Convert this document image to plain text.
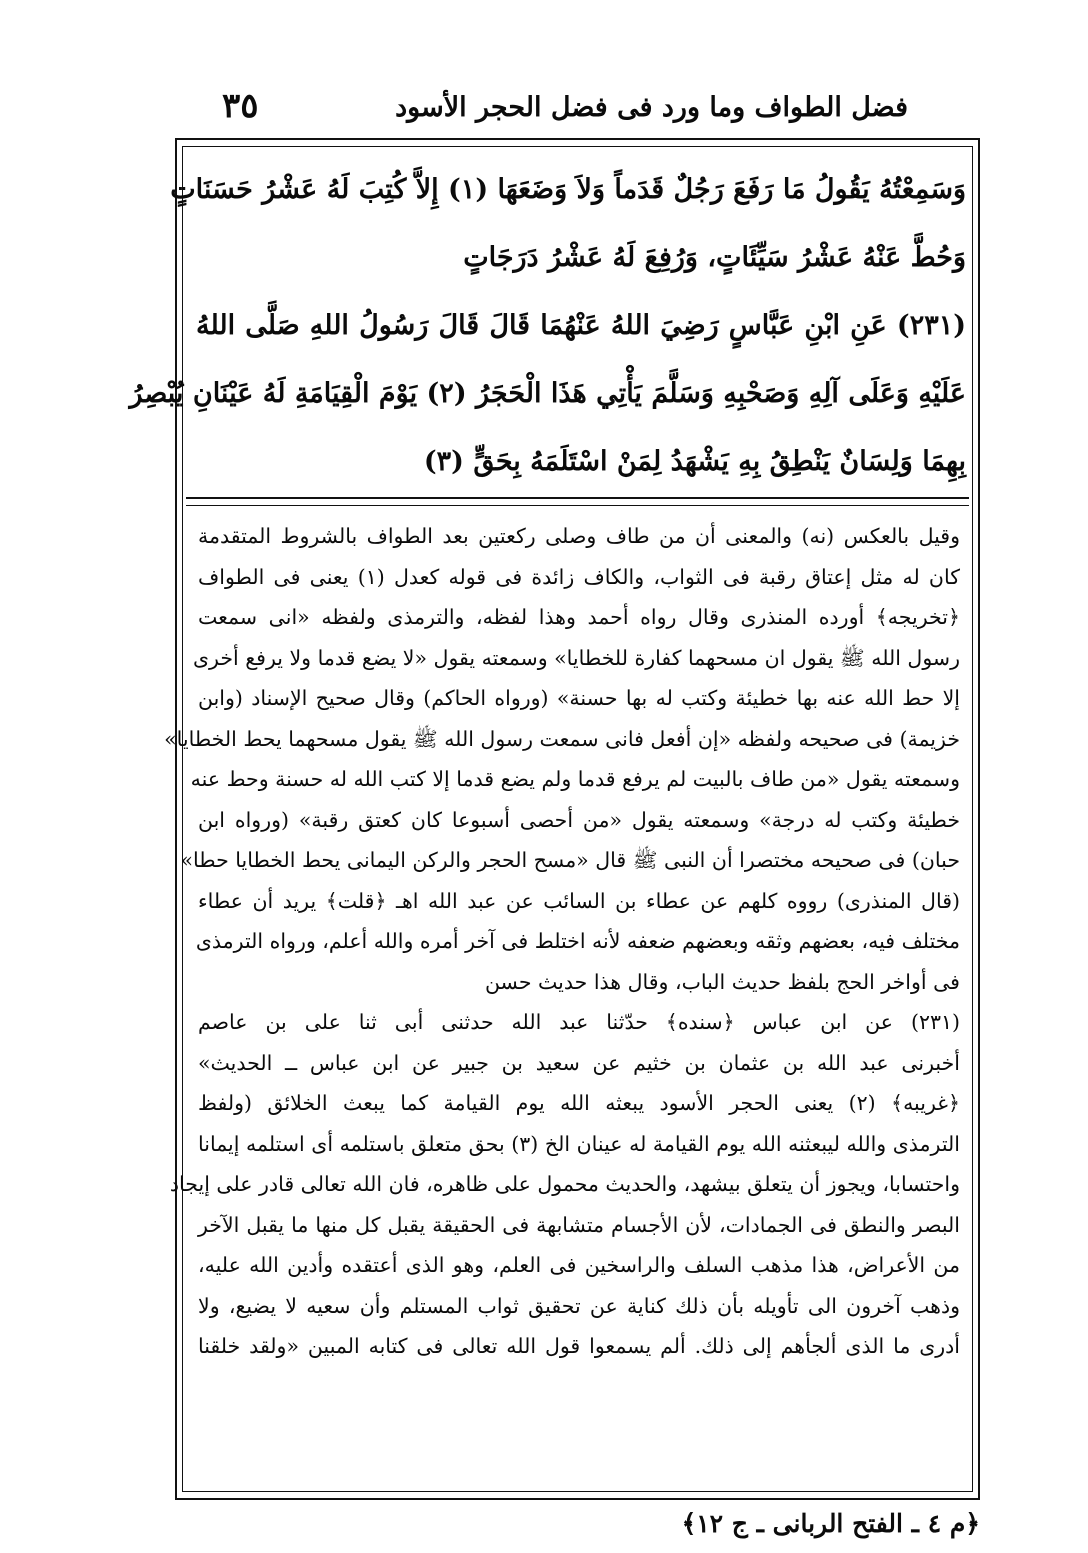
٣٥	فضل الطواف وما ورد فى فضل الحجر الأسود
وَسَمِعْتُهُ يَقُولُ مَا رَفَعَ رَجُلٌ قَدَماً وَلاَ وَضَعَهَا (١) إِلاَّ كُتِبَ لَهُ عَشْرُ حَسَنَاتٍ
وَحُطَّ عَنْهُ عَشْرُ سَيِّئَاتٍ، وَرُفِعَ لَهُ عَشْرُ دَرَجَاتٍ
(٢٣١) عَنِ ابْنِ عَبَّاسٍ رَضِيَ اللهُ عَنْهُمَا قَالَ قَالَ رَسُولُ اللهِ صَلَّى اللهُ
عَلَيْهِ وَعَلَى آلِهِ وَصَحْبِهِ وَسَلَّمَ يَأْتِي هَذَا الْحَجَرُ (٢) يَوْمَ الْقِيَامَةِ لَهُ عَيْنَانِ يُبْصِرُ
بِهِمَا وَلِسَانٌ يَنْطِقُ بِهِ يَشْهَدُ لِمَنْ اسْتَلَمَهُ بِحَقٍّ (٣)
وقيل بالعكس (نه) والمعنى أن من طاف وصلى ركعتين بعد الطواف بالشروط المتقدمة
كان له مثل إعتاق رقبة فى الثواب، والكاف زائدة فى قوله كعدل (١) يعنى فى الطواف
﴿تخريجه﴾ أورده المنذرى وقال رواه أحمد وهذا لفظه، والترمذى ولفظه «انى سمعت
رسول الله ﷺ يقول ان مسحهما كفارة للخطايا» وسمعته يقول «لا يضع قدما ولا يرفع أخرى
إلا حط الله عنه بها خطيئة وكتب له بها حسنة» (ورواه الحاكم) وقال صحيح الإسناد (وابن
خزيمة) فى صحيحه ولفظه «إن أفعل فانى سمعت رسول الله ﷺ يقول مسحهما يحط الخطايا»
وسمعته يقول «من طاف بالبيت لم يرفع قدما ولم يضع قدما إلا كتب الله له حسنة وحط عنه
خطيئة وكتب له درجة» وسمعته يقول «من أحصى أسبوعا كان كعتق رقبة» (ورواه ابن
حبان) فى صحيحه مختصرا أن النبى ﷺ قال «مسح الحجر والركن اليمانى يحط الخطايا حطا»
(قال المنذرى) رووه كلهم عن عطاء بن السائب عن عبد الله اهـ ﴿قلت﴾ يريد أن عطاء
مختلف فيه، بعضهم وثقه وبعضهم ضعفه لأنه اختلط فى آخر أمره والله أعلم، ورواه الترمذى
فى أواخر الحج بلفظ حديث الباب، وقال هذا حديث حسن
(٢٣١) عن ابن عباس ﴿سنده﴾ حدّثنا عبد الله حدثنى أبى ثنا على بن عاصم
أخبرنى عبد الله بن عثمان بن خثيم عن سعيد بن جبير عن ابن عباس ــ الحديث»
﴿غريبه﴾ (٢) يعنى الحجر الأسود يبعثه الله يوم القيامة كما يبعث الخلائق (ولفظ
الترمذى والله ليبعثنه الله يوم القيامة له عينان الخ (٣) بحق متعلق باستلمه أى استلمه إيمانا
واحتسابا، ويجوز أن يتعلق بيشهد، والحديث محمول على ظاهره، فان الله تعالى قادر على إيجاد
البصر والنطق فى الجمادات، لأن الأجسام متشابهة فى الحقيقة يقبل كل منها ما يقبل الآخر
من الأعراض، هذا مذهب السلف والراسخين فى العلم، وهو الذى أعتقده وأدين الله عليه،
وذهب آخرون الى تأويله بأن ذلك كناية عن تحقيق ثواب المستلم وأن سعيه لا يضيع، ولا
أدرى ما الذى ألجأهم إلى ذلك. ألم يسمعوا قول الله تعالى فى كتابه المبين «ولقد خلقنا
﴿م ٤ ـ الفتح الربانى ـ ج ١٢﴾
